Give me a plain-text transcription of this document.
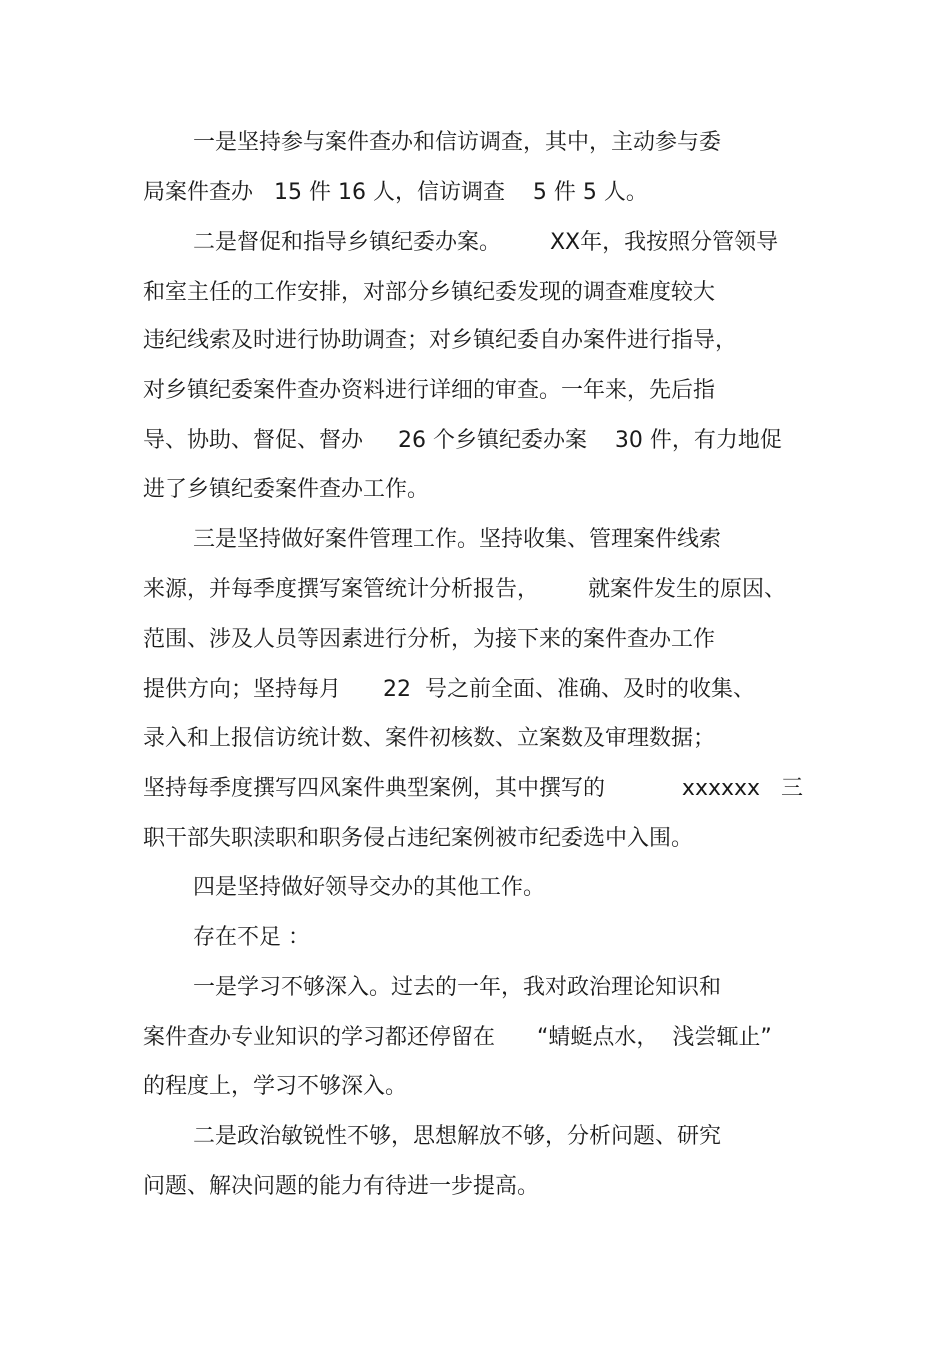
一是坚持参与案件查办和信访调查，其中，主动参与委
局案件查办   15 件 16 人，信访调查    5 件 5 人。
二是督促和指导乡镇纪委办案。       XX年，我按照分管领导
和室主任的工作安排，对部分乡镇纪委发现的调查难度较大
违纪线索及时进行协助调查；对乡镇纪委自办案件进行指导，
对乡镇纪委案件查办资料进行详细的审查。一年来，先后指
导、协助、督促、督办     26 个乡镇纪委办案    30 件，有力地促
进了乡镇纪委案件查办工作。
三是坚持做好案件管理工作。坚持收集、管理案件线索
来源，并每季度撰写案管统计分析报告，       就案件发生的原因、
范围、涉及人员等因素进行分析，为接下来的案件查办工作
提供方向；坚持每月      22  号之前全面、准确、及时的收集、
录入和上报信访统计数、案件初核数、立案数及审理数据；
坚持每季度撰写四风案件典型案例，其中撰写的           xxxxxx   三
职干部失职渎职和职务侵占违纪案例被市纪委选中入围。
四是坚持做好领导交办的其他工作。
存在不足 ：
一是学习不够深入。过去的一年，我对政治理论知识和
案件查办专业知识的学习都还停留在      “蜻蜓点水，  浅尝辄止”
的程度上，学习不够深入。
二是政治敏锐性不够，思想解放不够，分析问题、研究
问题、解决问题的能力有待进一步提高。
